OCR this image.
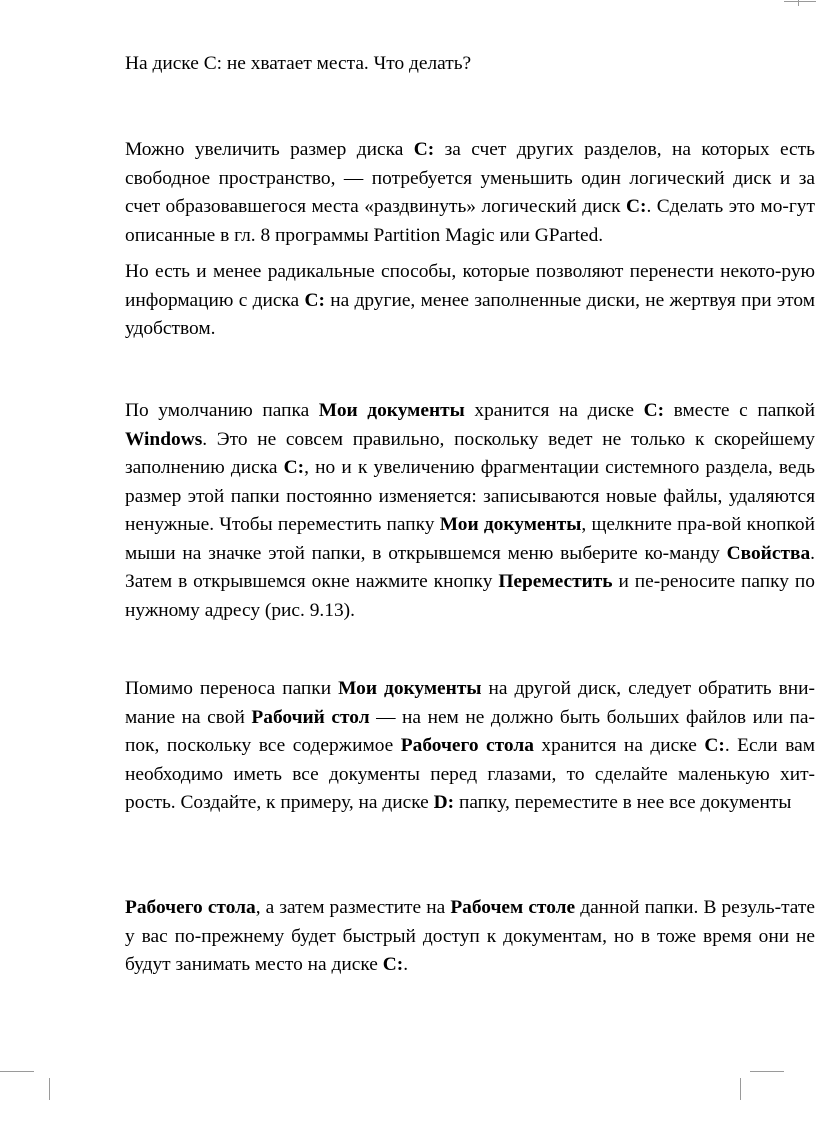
На диске C: не хватает места. Что делать?

Можно увеличить размер диска C: за счет других разделов, на которых есть свободное пространство, — потребуется уменьшить один логический диск и за счет образовавшегося места «раздвинуть» логический диск C:. Сделать это мо-гут описанные в гл. 8 программы Partition Magic или GParted.

Но есть и менее радикальные способы, которые позволяют перенести некото-рую информацию с диска C: на другие, менее заполненные диски, не жертвуя при этом удобством.

По умолчанию папка Мои документы хранится на диске C: вместе с папкой Windows. Это не совсем правильно, поскольку ведет не только к скорейшему заполнению диска C:, но и к увеличению фрагментации системного раздела, ведь размер этой папки постоянно изменяется: записываются новые файлы, удаляются ненужные. Чтобы переместить папку Мои документы, щелкните пра-вой кнопкой мыши на значке этой папки, в открывшемся меню выберите ко-манду Свойства. Затем в открывшемся окне нажмите кнопку Переместить и пе-реносите папку по нужному адресу (рис. 9.13).

Помимо переноса папки Мои документы на другой диск, следует обратить вни-мание на свой Рабочий стол — на нем не должно быть больших файлов или па-пок, поскольку все содержимое Рабочего стола хранится на диске C:. Если вам необходимо иметь все документы перед глазами, то сделайте маленькую хит-рость. Создайте, к примеру, на диске D: папку, переместите в нее все документы

Рабочего стола, а затем разместите на Рабочем столе данной папки. В резуль-тате у вас по-прежнему будет быстрый доступ к документам, но в тоже время они не будут занимать место на диске C:.
